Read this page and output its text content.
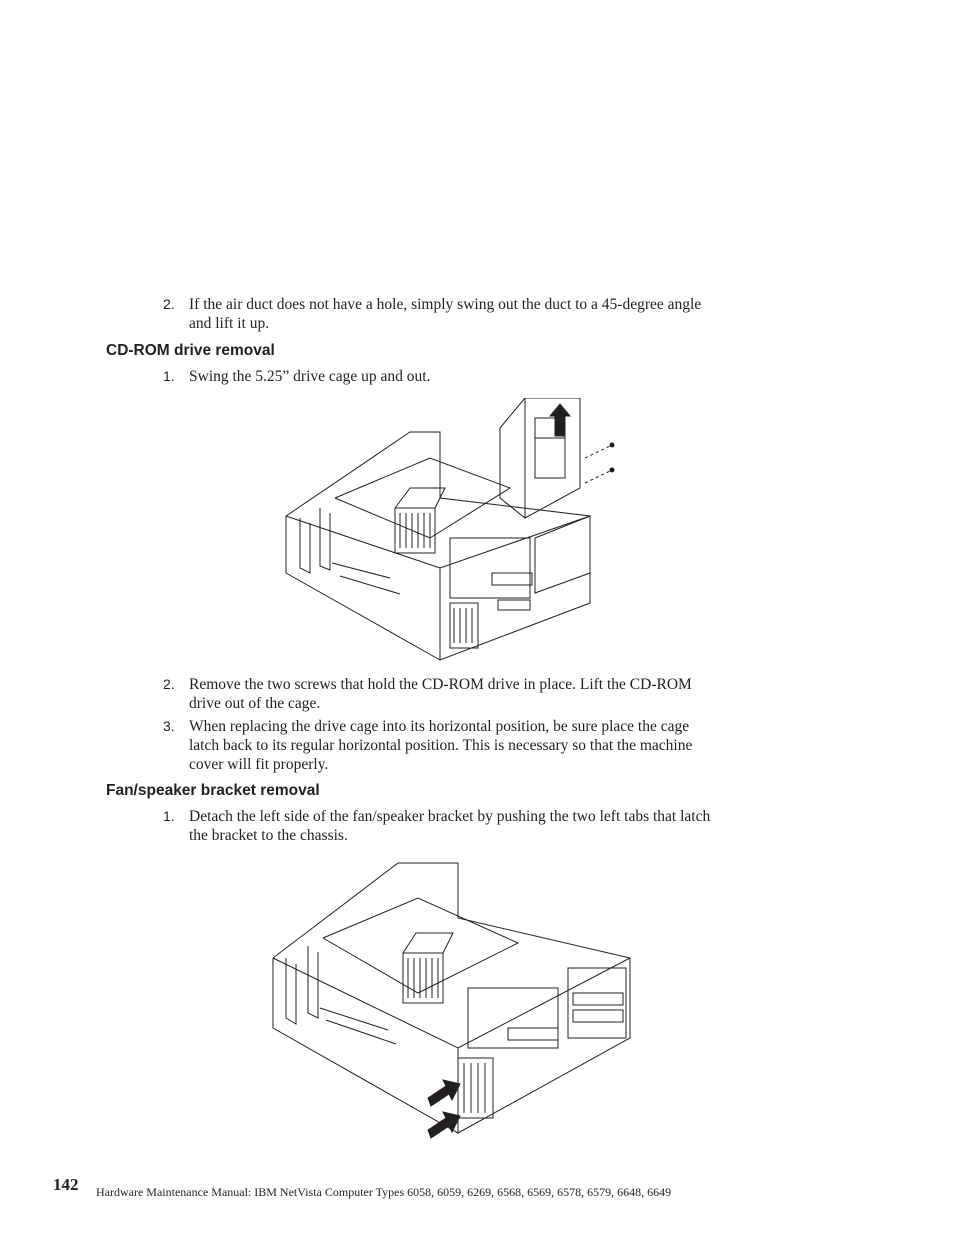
2. If the air duct does not have a hole, simply swing out the duct to a 45-degree angle and lift it up.
CD-ROM drive removal
1. Swing the 5.25” drive cage up and out.
2. Remove the two screws that hold the CD-ROM drive in place. Lift the CD-ROM drive out of the cage.
3. When replacing the drive cage into its horizontal position, be sure place the cage latch back to its regular horizontal position. This is necessary so that the machine cover will fit properly.
Fan/speaker bracket removal
1. Detach the left side of the fan/speaker bracket by pushing the two left tabs that latch the bracket to the chassis.
142 Hardware Maintenance Manual: IBM NetVista Computer Types 6058, 6059, 6269, 6568, 6569, 6578, 6579, 6648, 6649
